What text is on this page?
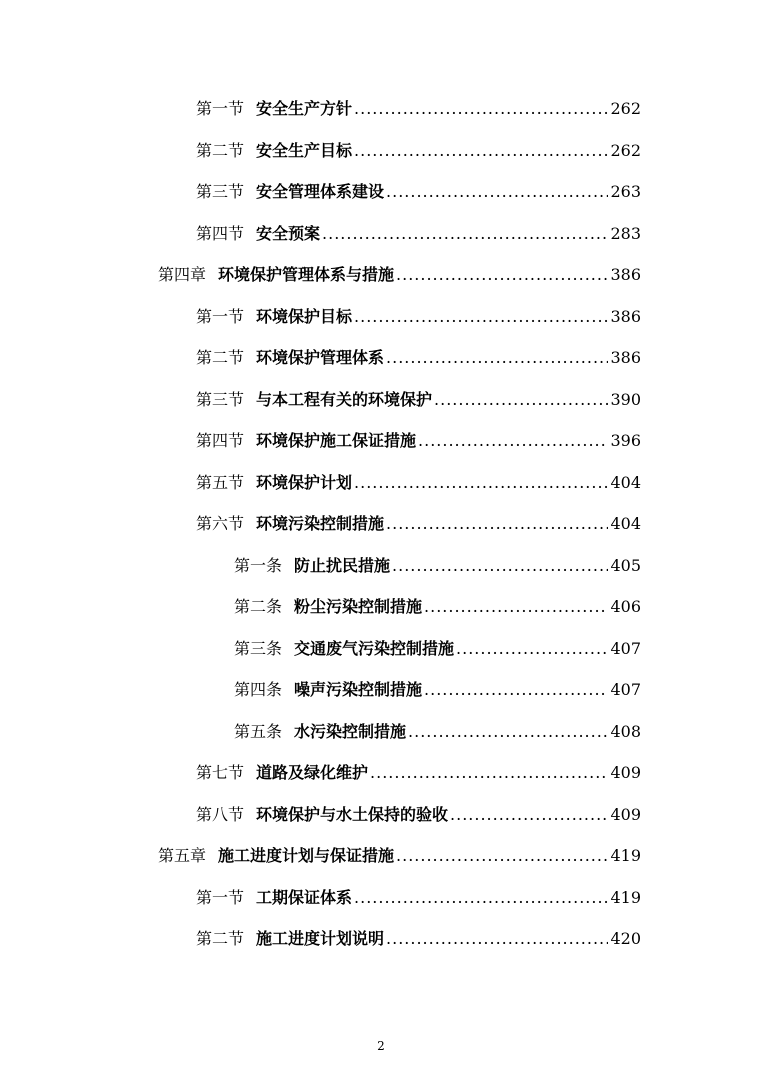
第一节 安全生产方针 .....	262
第二节 安全生产目标 .....	262
第三节 安全管理体系建设 .....	263
第四节 安全预案 .....	283
第四章 环境保护管理体系与措施 .....	386
第一节 环境保护目标 .....	386
第二节 环境保护管理体系 .....	386
第三节 与本工程有关的环境保护 .....	390
第四节 环境保护施工保证措施 .....	396
第五节 环境保护计划 .....	404
第六节 环境污染控制措施 .....	404
第一条 防止扰民措施 .....	405
第二条 粉尘污染控制措施 .....	406
第三条 交通废气污染控制措施 .....	407
第四条 噪声污染控制措施 .....	407
第五条 水污染控制措施 .....	408
第七节 道路及绿化维护 .....	409
第八节 环境保护与水土保持的验收 .....	409
第五章 施工进度计划与保证措施 .....	419
第一节 工期保证体系 .....	419
第二节 施工进度计划说明 .....	420
2
